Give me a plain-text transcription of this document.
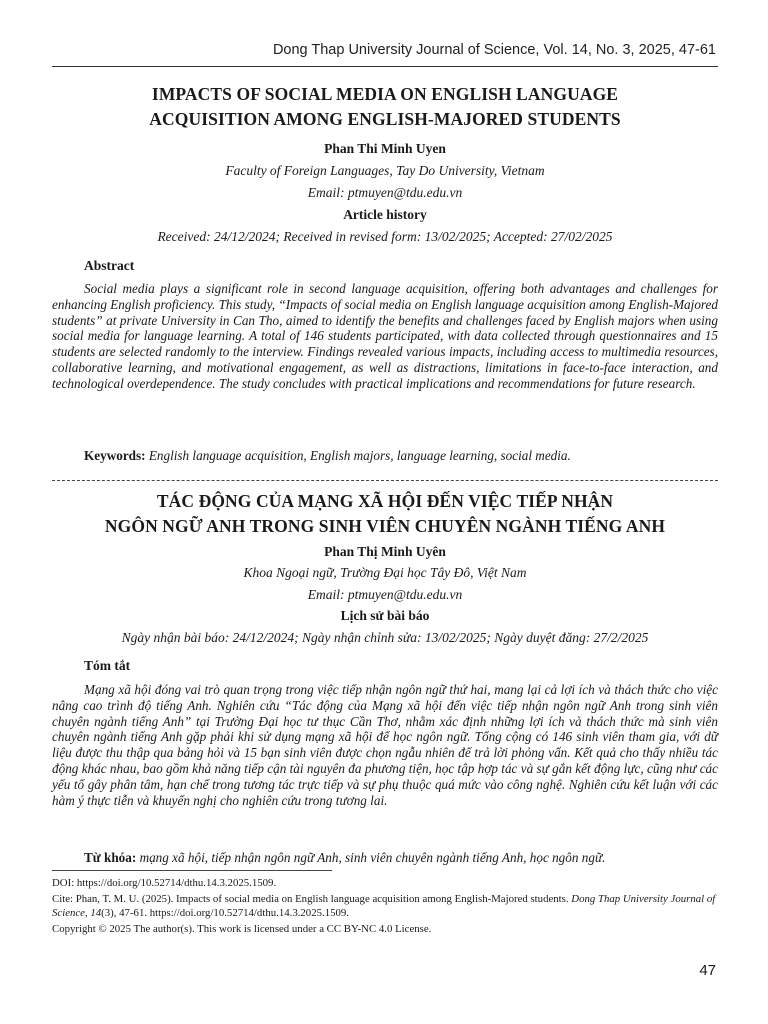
Dong Thap University Journal of Science, Vol. 14, No. 3, 2025, 47-61
IMPACTS OF SOCIAL MEDIA ON ENGLISH LANGUAGE
ACQUISITION AMONG ENGLISH-MAJORED STUDENTS
Phan Thi Minh Uyen
Faculty of Foreign Languages, Tay Do University, Vietnam
Email: ptmuyen@tdu.edu.vn
Article history
Received: 24/12/2024; Received in revised form: 13/02/2025; Accepted: 27/02/2025
Abstract
Social media plays a significant role in second language acquisition, offering both advantages and challenges for enhancing English proficiency. This study, “Impacts of social media on English language acquisition among English-Majored students” at private University in Can Tho, aimed to identify the benefits and challenges faced by English majors when using social media for language learning. A total of 146 students participated, with data collected through questionnaires and 15 students are selected randomly to the interview. Findings revealed various impacts, including access to multimedia resources, collaborative learning, and motivational engagement, as well as distractions, limitations in face-to-face interaction, and technological overdependence. The study concludes with practical implications and recommendations for future research.
Keywords: English language acquisition, English majors, language learning, social media.
TÁC ĐỘNG CỦA MẠNG XÃ HỘI ĐẾN VIỆC TIẾP NHẬN
NGÔN NGỮ ANH TRONG SINH VIÊN CHUYÊN NGÀNH TIẾNG ANH
Phan Thị Minh Uyên
Khoa Ngoại ngữ, Trường Đại học Tây Đô, Việt Nam
Email: ptmuyen@tdu.edu.vn
Lịch sử bài báo
Ngày nhận bài báo: 24/12/2024; Ngày nhận chỉnh sửa: 13/02/2025; Ngày duyệt đăng: 27/2/2025
Tóm tắt
Mạng xã hội đóng vai trò quan trọng trong việc tiếp nhận ngôn ngữ thứ hai, mang lại cả lợi ích và thách thức cho việc nâng cao trình độ tiếng Anh. Nghiên cứu “Tác động của Mạng xã hội đến việc tiếp nhận ngôn ngữ Anh trong sinh viên chuyên ngành tiếng Anh” tại Trường Đại học tư thục Cần Thơ, nhằm xác định những lợi ích và thách thức mà sinh viên chuyên ngành tiếng Anh gặp phải khi sử dụng mạng xã hội để học ngôn ngữ. Tổng cộng có 146 sinh viên tham gia, với dữ liệu được thu thập qua bảng hỏi và 15 bạn sinh viên được chọn ngẫu nhiên để trả lời phỏng vấn. Kết quả cho thấy nhiều tác động khác nhau, bao gồm khả năng tiếp cận tài nguyên đa phương tiện, học tập hợp tác và sự gắn kết động lực, cũng như các yếu tố gây phân tâm, hạn chế trong tương tác trực tiếp và sự phụ thuộc quá mức vào công nghệ. Nghiên cứu kết luận với các hàm ý thực tiễn và khuyến nghị cho nghiên cứu trong tương lai.
Từ khóa: mạng xã hội, tiếp nhận ngôn ngữ Anh, sinh viên chuyên ngành tiếng Anh, học ngôn ngữ.
DOI: https://doi.org/10.52714/dthu.14.3.2025.1509.
Cite: Phan, T. M. U. (2025). Impacts of social media on English language acquisition among English-Majored students. Dong Thap University Journal of Science, 14(3), 47-61. https://doi.org/10.52714/dthu.14.3.2025.1509.
Copyright © 2025 The author(s). This work is licensed under a CC BY-NC 4.0 License.
47
